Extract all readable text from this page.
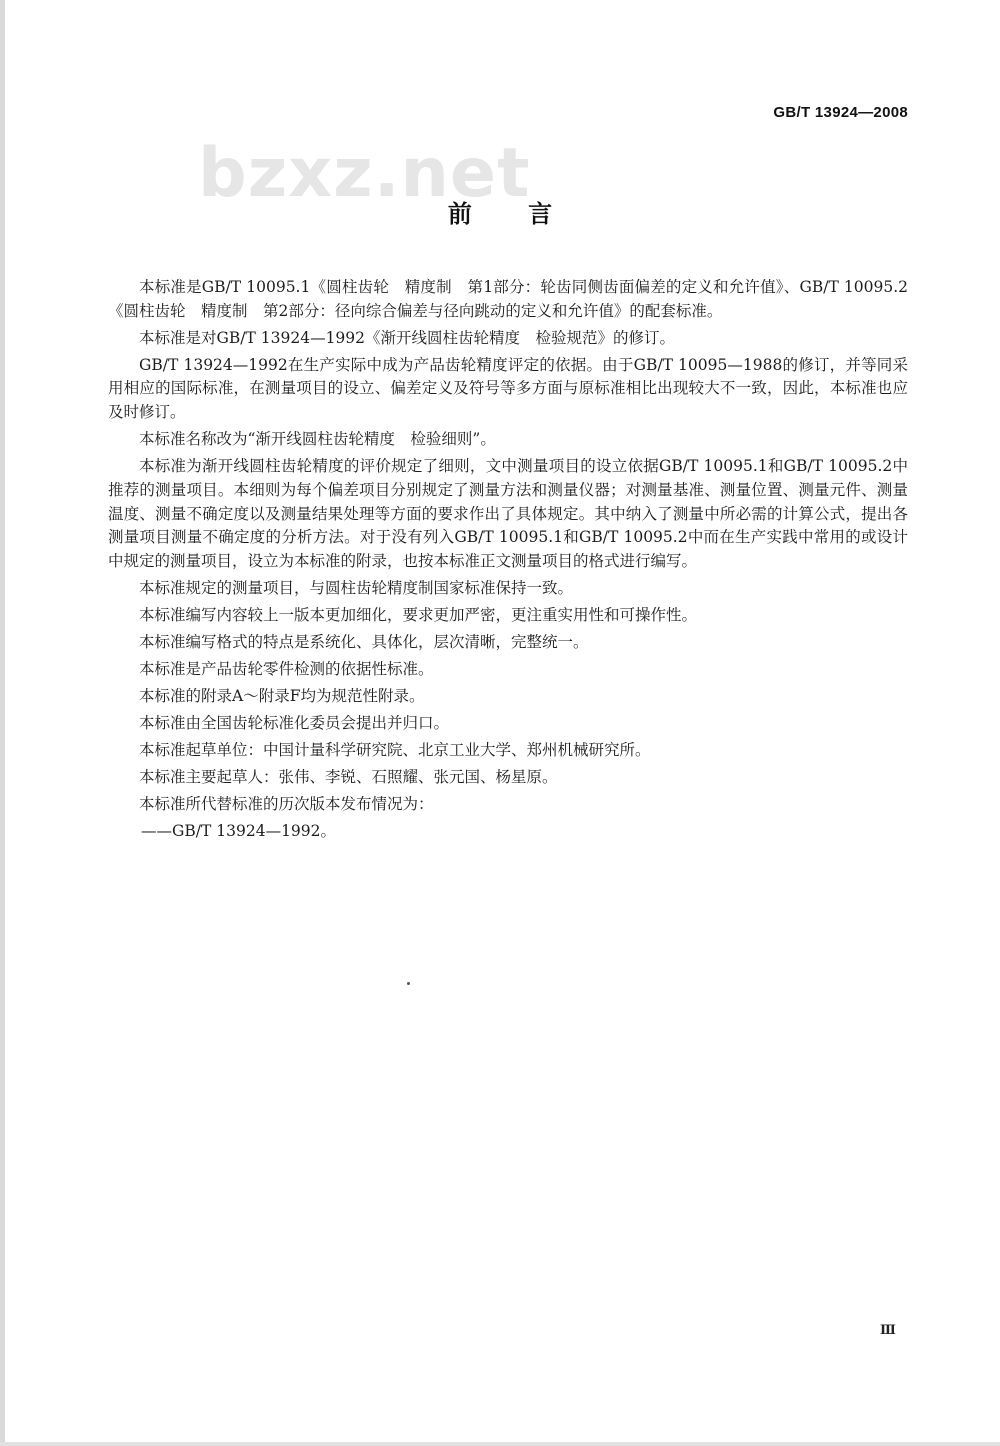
GB/T 13924—2008
bzxz.net
前 言

本标准是GB/T 10095.1《圆柱齿轮　精度制　第1部分：轮齿同侧齿面偏差的定义和允许值》、GB/T 10095.2《圆柱齿轮　精度制　第2部分：径向综合偏差与径向跳动的定义和允许值》的配套标准。

本标准是对GB/T 13924—1992《渐开线圆柱齿轮精度　检验规范》的修订。

GB/T 13924—1992在生产实际中成为产品齿轮精度评定的依据。由于GB/T 10095—1988的修订，并等同采用相应的国际标准，在测量项目的设立、偏差定义及符号等多方面与原标准相比出现较大不一致，因此，本标准也应及时修订。

本标准名称改为“渐开线圆柱齿轮精度　检验细则”。

本标准为渐开线圆柱齿轮精度的评价规定了细则，文中测量项目的设立依据GB/T 10095.1和GB/T 10095.2中推荐的测量项目。本细则为每个偏差项目分别规定了测量方法和测量仪器；对测量基准、测量位置、测量元件、测量温度、测量不确定度以及测量结果处理等方面的要求作出了具体规定。其中纳入了测量中所必需的计算公式，提出各测量项目测量不确定度的分析方法。对于没有列入GB/T 10095.1和GB/T 10095.2中而在生产实践中常用的或设计中规定的测量项目，设立为本标准的附录，也按本标准正文测量项目的格式进行编写。

本标准规定的测量项目，与圆柱齿轮精度制国家标准保持一致。

本标准编写内容较上一版本更加细化，要求更加严密，更注重实用性和可操作性。

本标准编写格式的特点是系统化、具体化，层次清晰，完整统一。

本标准是产品齿轮零件检测的依据性标准。

本标准的附录A～附录F均为规范性附录。

本标准由全国齿轮标准化委员会提出并归口。

本标准起草单位：中国计量科学研究院、北京工业大学、郑州机械研究所。

本标准主要起草人：张伟、李锐、石照耀、张元国、杨星原。

本标准所代替标准的历次版本发布情况为：

——GB/T 13924—1992。

Ⅲ
